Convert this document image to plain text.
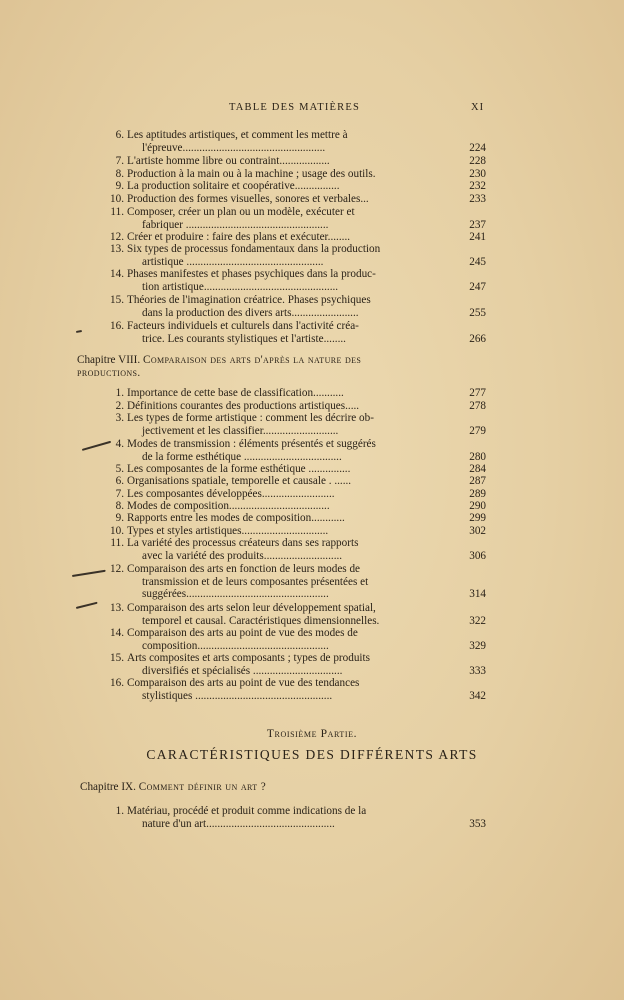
TABLE DES MATIÈRES	XI
6. Les aptitudes artistiques, et comment les mettre à
l'épreuve...................................................	224
7. L'artiste homme libre ou contraint..................	228
8. Production à la main ou à la machine ; usage des outils.	230
9. La production solitaire et coopérative................	232
10. Production des formes visuelles, sonores et verbales...	233
11. Composer, créer un plan ou un modèle, exécuter et
fabriquer ...................................................	237
12. Créer et produire : faire des plans et exécuter........	241
13. Six types de processus fondamentaux dans la production
artistique .................................................	245
14. Phases manifestes et phases psychiques dans la produc-
tion artistique................................................	247
15. Théories de l'imagination créatrice. Phases psychiques
dans la production des divers arts........................	255
16. Facteurs individuels et culturels dans l'activité créa-
trice. Les courants stylistiques et l'artiste........	266
Chapitre VIII. Comparaison des arts d'après la nature des
productions.
1. Importance de cette base de classification...........	277
2. Définitions courantes des productions artistiques.....	278
3. Les types de forme artistique : comment les décrire ob-
jectivement et les classifier...........................	279
4. Modes de transmission : éléments présentés et suggérés
de la forme esthétique ...................................	280
5. Les composantes de la forme esthétique ...............	284
6. Organisations spatiale, temporelle et causale . ......	287
7. Les composantes développées..........................	289
8. Modes de composition....................................	290
9. Rapports entre les modes de composition............	299
10. Types et styles artistiques...............................	302
11. La variété des processus créateurs dans ses rapports
avec la variété des produits............................	306
12. Comparaison des arts en fonction de leurs modes de
transmission et de leurs composantes présentées et
suggérées...................................................	314
13. Comparaison des arts selon leur développement spatial,
temporel et causal. Caractéristiques dimensionnelles.	322
14. Comparaison des arts au point de vue des modes de
composition...............................................	329
15. Arts composites et arts composants ; types de produits
diversifiés et spécialisés ................................	333
16. Comparaison des arts au point de vue des tendances
stylistiques .................................................	342
Troisième Partie.
CARACTÉRISTIQUES DES DIFFÉRENTS ARTS
Chapitre IX. Comment définir un art ?
1. Matériau, procédé et produit comme indications de la
nature d'un art..............................................	353
